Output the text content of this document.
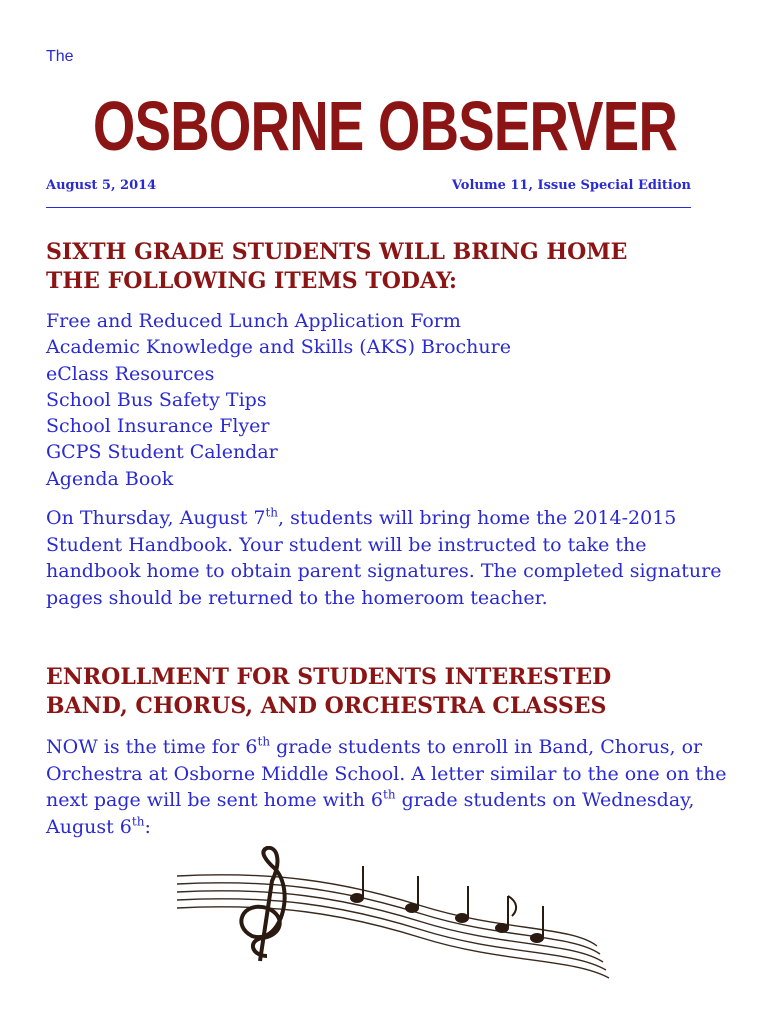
The
OSBORNE OBSERVER
August 5, 2014	Volume 11, Issue Special Edition
SIXTH GRADE STUDENTS WILL BRING HOME
THE FOLLOWING ITEMS TODAY:
Free and Reduced Lunch Application Form
Academic Knowledge and Skills (AKS) Brochure
eClass Resources
School Bus Safety Tips
School Insurance Flyer
GCPS Student Calendar
Agenda Book

On Thursday, August 7th, students will bring home the 2014-2015 Student Handbook. Your student will be instructed to take the handbook home to obtain parent signatures. The completed signature pages should be returned to the homeroom teacher.

ENROLLMENT FOR STUDENTS INTERESTED
BAND, CHORUS, AND ORCHESTRA CLASSES

NOW is the time for 6th grade students to enroll in Band, Chorus, or Orchestra at Osborne Middle School. A letter similar to the one on the next page will be sent home with 6th grade students on Wednesday, August 6th:
